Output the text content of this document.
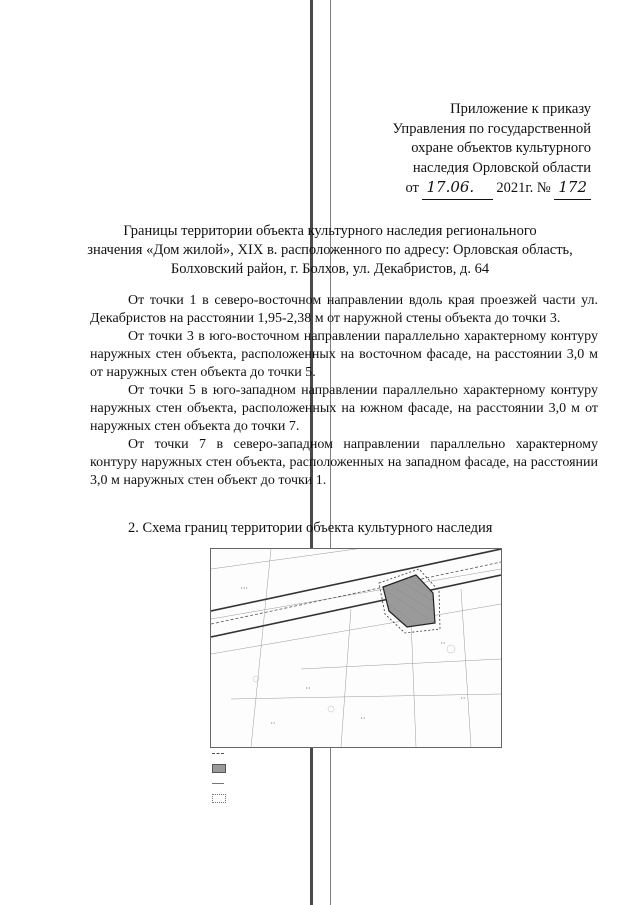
Приложение к приказу
Управления по государственной
охране объектов культурного
наследия Орловской области
от 17.06. 2021г. № 172
Границы территории объекта культурного наследия регионального
значения «Дом жилой», XIX в. расположенного по адресу: Орловская область,
Болховский район, г. Болхов, ул. Декабристов, д. 64

От точки 1 в северо-восточном направлении вдоль края проезжей части ул. Декабристов на расстоянии 1,95-2,38 м от наружной стены объекта до точки 3.

От точки 3 в юго-восточном направлении параллельно характерному контуру наружных стен объекта, расположенных на восточном фасаде, на расстоянии 3,0 м от наружных стен объекта до точки 5.

От точки 5 в юго-западном направлении параллельно характерному контуру наружных стен объекта, расположенных на южном фасаде, на расстоянии 3,0 м от наружных стен объекта до точки 7.

От точки 7 в северо-западном направлении параллельно характерному контуру наружных стен объекта, расположенных на западном фасаде, на расстоянии 3,0 м наружных стен объект до точки 1.

2. Схема границ территории объекта культурного наследия
• • •
• •
• •
• •
• •
• •
